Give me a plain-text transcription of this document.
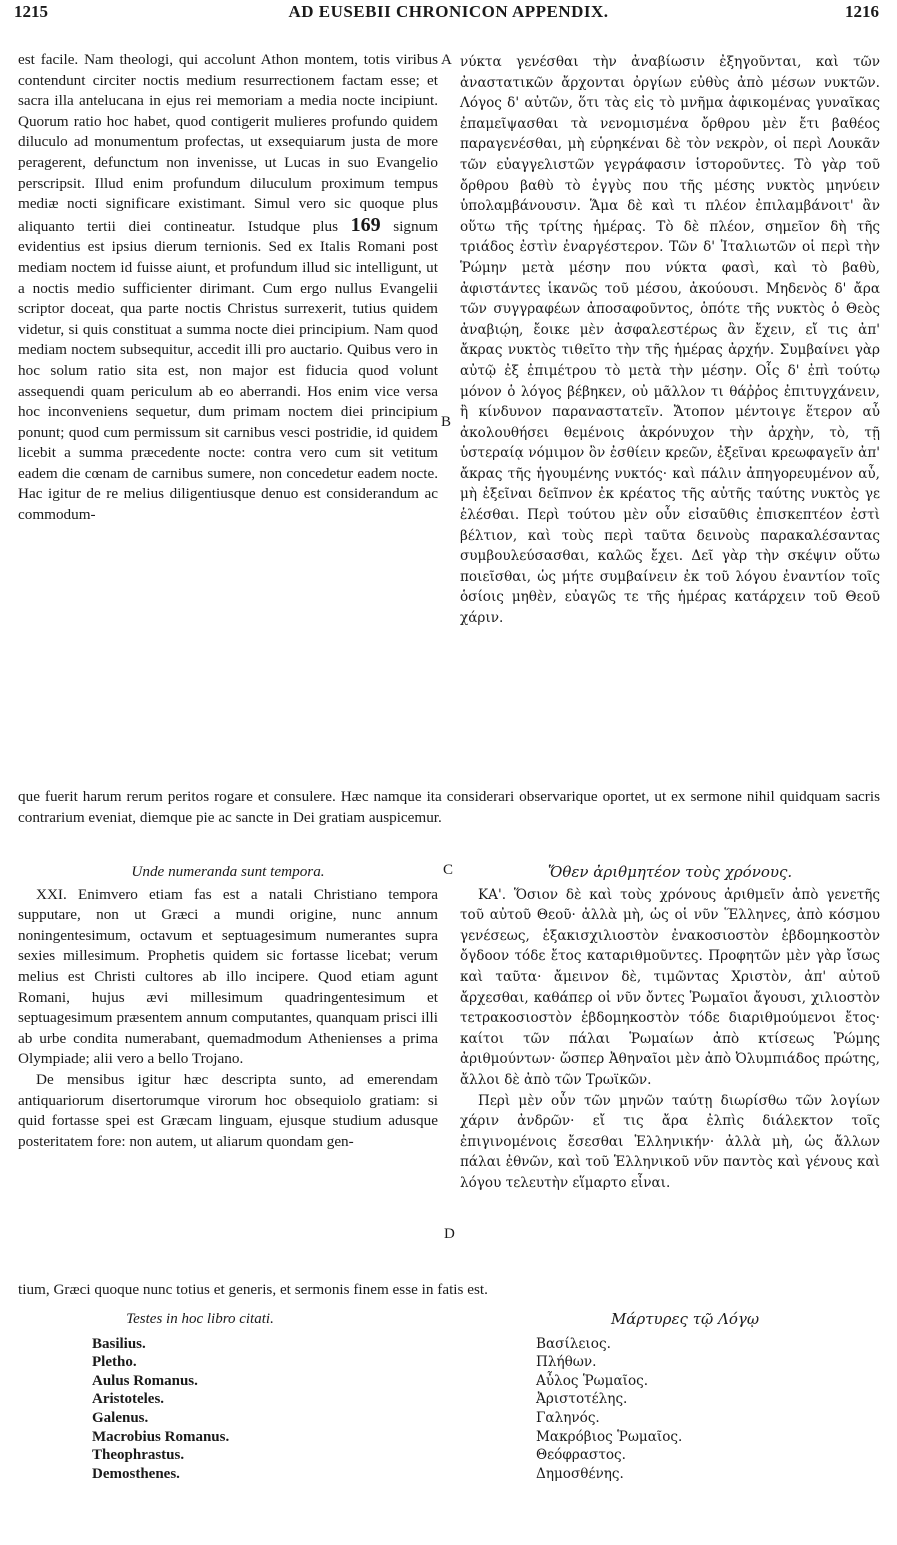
1215	AD EUSEBII CHRONICON APPENDIX.	1216
est facile. Nam theologi, qui accolunt Athon montem, totis viribus contendunt circiter noctis medium resurrectionem factam esse; et sacra illa antelucana in ejus rei memoriam a media nocte incipiunt. Quorum ratio hoc habet, quod contigerit mulieres profundo quidem diluculo ad monumentum profectas, ut exsequiarum justa de more peragerent, defunctum non invenisse, ut Lucas in suo Evangelio perscripsit. Illud enim profundum diluculum proximum tempus mediæ nocti significare existimant. Simul vero sic quoque plus aliquanto tertii diei contineatur. Istudque plus 169 signum evidentius est ipsius dierum ternionis. Sed ex Italis Romani post mediam noctem id fuisse aiunt, et profundum illud sic intelligunt, ut a noctis medio sufficienter dirimant. Cum ergo nullus Evangelii scriptor doceat, qua parte noctis Christus surrexerit, tutius quidem videtur, si quis constituat a summa nocte diei principium. Nam quod mediam noctem subsequitur, accedit illi pro auctario. Quibus vero in hoc solum ratio sita est, non major est fiducia quod volunt assequendi quam periculum ab eo aberrandi. Hos enim vice versa hoc inconveniens sequetur, dum primam noctem diei principium ponunt; quod cum permissum sit carnibus vesci postridie, id quidem licebit a summa præcedente nocte: contra vero cum sit vetitum eadem die cœnam de carnibus sumere, non concedetur eadem nocte. Hac igitur de re melius diligentiusque denuo est considerandum ac commodum-
A
B
νύκτα γενέσθαι τὴν ἀναβίωσιν ἐξηγοῦνται, καὶ τῶν ἀναστατικῶν ἄρχονται ὀργίων εὐθὺς ἀπὸ μέσων νυκτῶν. Λόγος δ' αὐτῶν, ὅτι τὰς εἰς τὸ μνῆμα ἀφικομένας γυναῖκας ἐπαμεῖψασθαι τὰ νενομισμένα ὄρθρου μὲν ἔτι βαθέος παραγενέσθαι, μὴ εὑρηκέναι δὲ τὸν νεκρὸν, οἱ περὶ Λουκᾶν τῶν εὐαγγελιστῶν γεγράφασιν ἱστοροῦντες. Τὸ γὰρ τοῦ ὄρθρου βαθὺ τὸ ἐγγὺς που τῆς μέσης νυκτὸς μηνύειν ὑπολαμβάνουσιν. Ἅμα δὲ καὶ τι πλέον ἐπιλαμβάνοιτ' ἂν οὕτω τῆς τρίτης ἡμέρας. Τὸ δὲ πλέον, σημεῖον δὴ τῆς τριάδος ἐστὶν ἐναργέστερον. Τῶν δ' Ἰταλιωτῶν οἱ περὶ τὴν Ῥώμην μετὰ μέσην που νύκτα φασὶ, καὶ τὸ βαθὺ, ἀφιστάντες ἱκανῶς τοῦ μέσου, ἀκούουσι. Μηδενὸς δ' ἄρα τῶν συγγραφέων ἀποσαφοῦντος, ὁπότε τῆς νυκτὸς ὁ Θεὸς ἀναβιῴη, ἔοικε μὲν ἀσφαλεστέρως ἂν ἔχειν, εἴ τις ἀπ' ἄκρας νυκτὸς τιθεῖτο τὴν τῆς ἡμέρας ἀρχήν. Συμβαίνει γὰρ αὐτῷ ἐξ ἐπιμέτρου τὸ μετὰ τὴν μέσην. Οἷς δ' ἐπὶ τούτῳ μόνον ὁ λόγος βέβηκεν, οὐ μᾶλλον τι θάῤῥος ἐπιτυγχάνειν, ἢ κίνδυνον παραναστατεῖν. Ἄτοπον μέντοιγε ἕτερον αὖ ἀκολουθήσει θεμένοις ἀκρόνυχον τὴν ἀρχὴν, τὸ, τῇ ὑστεραίᾳ νόμιμον ὂν ἐσθίειν κρεῶν, ἐξεῖναι κρεωφαγεῖν ἀπ' ἄκρας τῆς ἡγουμένης νυκτός· καὶ πάλιν ἀπηγορευμένον αὖ, μὴ ἐξεῖναι δεῖπνον ἐκ κρέατος τῆς αὐτῆς ταύτης νυκτὸς γε ἑλέσθαι. Περὶ τούτου μὲν οὖν εἰσαῦθις ἐπισκεπτέον ἐστὶ βέλτιον, καὶ τοὺς περὶ ταῦτα δεινοὺς παρακαλέσαντας συμβουλεύσασθαι, καλῶς ἔχει. Δεῖ γὰρ τὴν σκέψιν οὕτω ποιεῖσθαι, ὡς μήτε συμβαίνειν ἐκ τοῦ λόγου ἐναντίον τοῖς ὁσίοις μηθὲν, εὐαγῶς τε τῆς ἡμέρας κατάρχειν τοῦ Θεοῦ χάριν.
que fuerit harum rerum peritos rogare et consulere. Hæc namque ita considerari observarique oportet, ut ex sermone nihil quidquam sacris contrarium eveniat, diemque pie ac sancte in Dei gratiam auspicemur.

Unde numeranda sunt tempora.

XXI. Enimvero etiam fas est a natali Christiano tempora supputare, non ut Græci a mundi origine, nunc annum noningentesimum, octavum et septuagesimum numerantes supra sexies millesimum. Prophetis quidem sic fortasse licebat; verum melius est Christi cultores ab illo incipere. Quod etiam agunt Romani, hujus ævi millesimum quadringentesimum et septuagesimum præsentem annum computantes, quanquam prisci illi ab urbe condita numerabant, quemadmodum Athenienses a prima Olympiade; alii vero a bello Trojano.

De mensibus igitur hæc descripta sunto, ad emerendam antiquariorum disertorumque virorum hoc obsequiolo gratiam: si quid fortasse spei est Græcam linguam, ejusque studium adusque posteritatem fore: non autem, ut aliarum quondam gen-

C
D

Ὅθεν ἀριθμητέον τοὺς χρόνους.

ΚΑ'. Ὅσιον δὲ καὶ τοὺς χρόνους ἀριθμεῖν ἀπὸ γενετῆς τοῦ αὐτοῦ Θεοῦ· ἀλλὰ μὴ, ὡς οἱ νῦν Ἕλληνες, ἀπὸ κόσμου γενέσεως, ἑξακισχιλιοστὸν ἐνακοσιοστὸν ἑβδομηκοστὸν ὄγδοον τόδε ἔτος καταριθμοῦντες. Προφητῶν μὲν γὰρ ἴσως καὶ ταῦτα· ἄμεινον δὲ, τιμῶντας Χριστὸν, ἀπ' αὐτοῦ ἄρχεσθαι, καθάπερ οἱ νῦν ὄντες Ῥωμαῖοι ἄγουσι, χιλιοστὸν τετρακοσιοστὸν ἑβδομηκοστὸν τόδε διαριθμούμενοι ἔτος· καίτοι τῶν πάλαι Ῥωμαίων ἀπὸ κτίσεως Ῥώμης ἀριθμούντων· ὥσπερ Ἀθηναῖοι μὲν ἀπὸ Ὀλυμπιάδος πρώτης, ἄλλοι δὲ ἀπὸ τῶν Τρωϊκῶν.

Περὶ μὲν οὖν τῶν μηνῶν ταύτῃ διωρίσθω τῶν λογίων χάριν ἀνδρῶν· εἴ τις ἄρα ἐλπὶς διάλεκτον τοῖς ἐπιγινομένοις ἔσεσθαι Ἑλληνικήν· ἀλλὰ μὴ, ὡς ἄλλων πάλαι ἐθνῶν, καὶ τοῦ Ἑλληνικοῦ νῦν παντὸς καὶ γένους καὶ λόγου τελευτὴν εἵμαρτο εἶναι.

tium, Græci quoque nunc totius et generis, et sermonis finem esse in fatis est.
Testes in hoc libro citati.
Basilius.
Pletho.
Aulus Romanus.
Aristoteles.
Galenus.
Macrobius Romanus.
Theophrastus.
Demosthenes.
Μάρτυρες τῷ Λόγῳ
Βασίλειος.
Πλήθων.
Αὖλος Ῥωμαῖος.
Ἀριστοτέλης.
Γαληνός.
Μακρόβιος Ῥωμαῖος.
Θεόφραστος.
Δημοσθένης.
